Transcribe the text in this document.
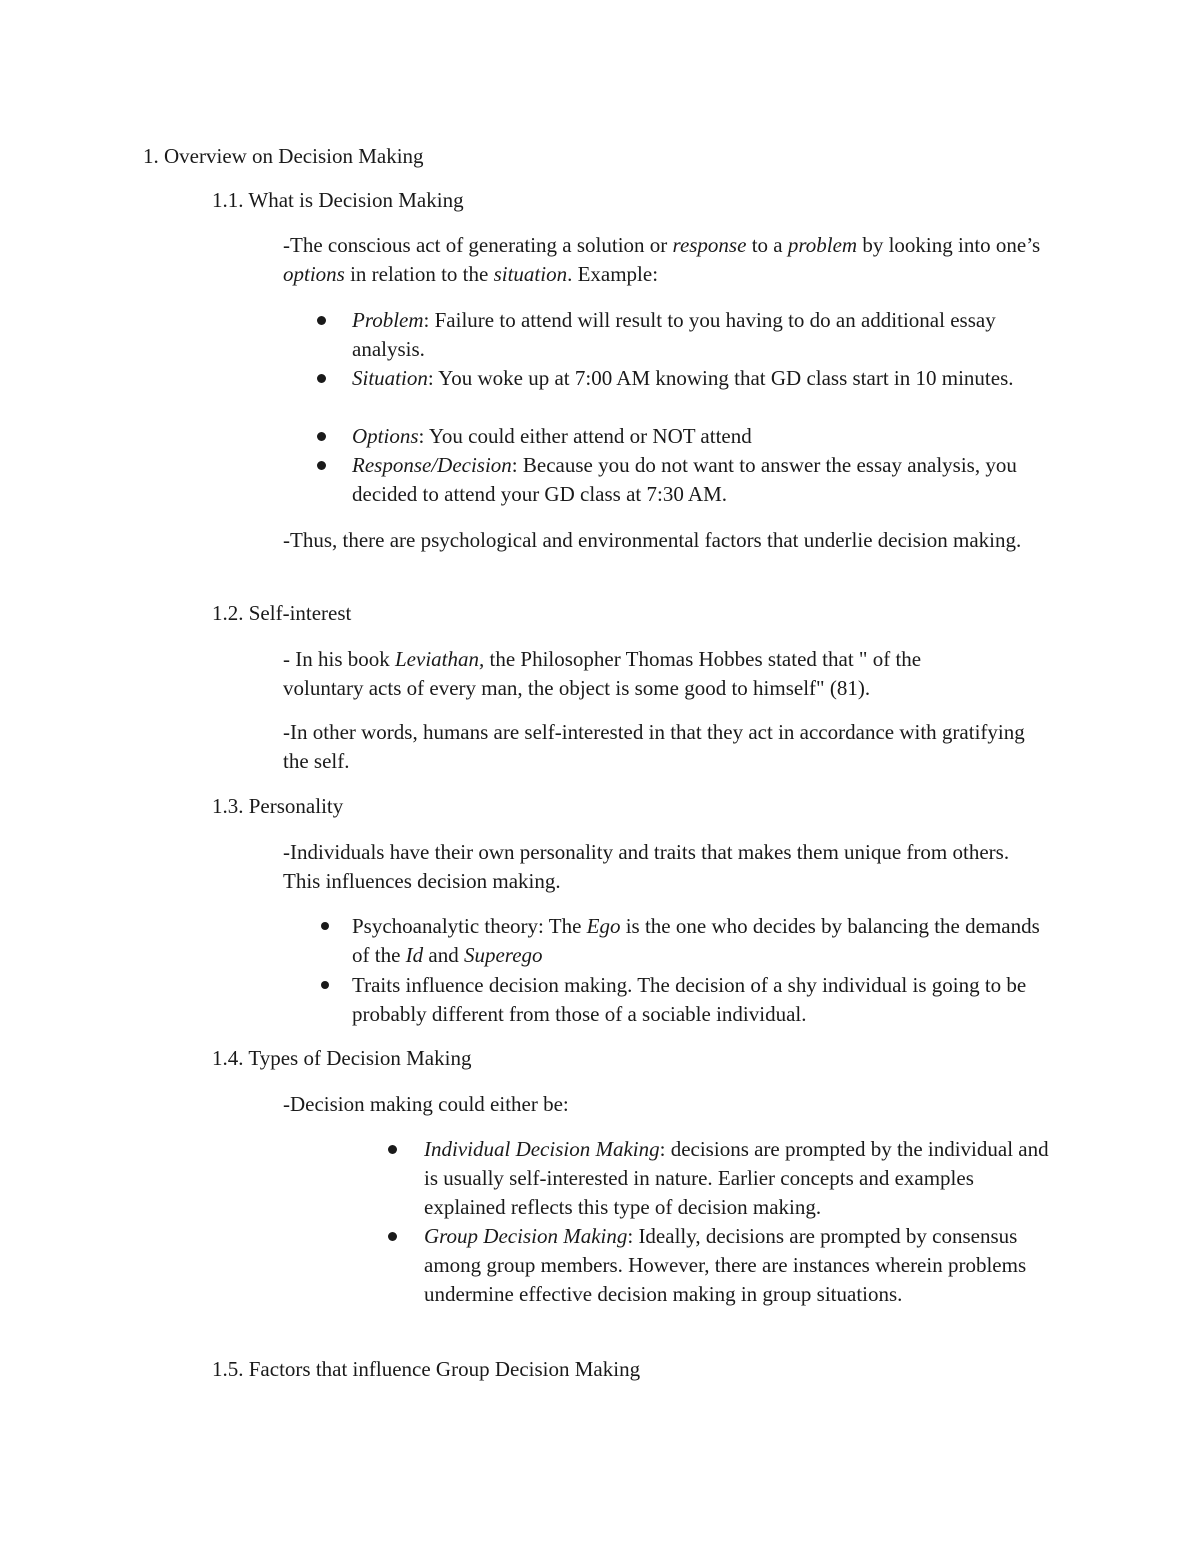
1. Overview on Decision Making
1.1. What is Decision Making

-The conscious act of generating a solution or response to a problem by looking into one’s options in relation to the situation. Example:

Problem: Failure to attend will result to you having to do an additional essay analysis.

Situation: You woke up at 7:00 AM knowing that GD class start in 10 minutes.

Options: You could either attend or NOT attend

Response/Decision: Because you do not want to answer the essay analysis, you decided to attend your GD class at 7:30 AM.

-Thus, there are psychological and environmental factors that underlie decision making.

1.2. Self-interest

- In his book Leviathan, the Philosopher Thomas Hobbes stated that " of the voluntary acts of every man, the object is some good to himself" (81).

-In other words, humans are self-interested in that they act in accordance with gratifying the self.

1.3. Personality

-Individuals have their own personality and traits that makes them unique from others. This influences decision making.

Psychoanalytic theory: The Ego is the one who decides by balancing the demands of the Id and Superego

Traits influence decision making. The decision of a shy individual is going to be probably different from those of a sociable individual.

1.4. Types of Decision Making

-Decision making could either be:

Individual Decision Making: decisions are prompted by the individual and is usually self-interested in nature. Earlier concepts and examples explained reflects this type of decision making.

Group Decision Making: Ideally, decisions are prompted by consensus among group members. However, there are instances wherein problems undermine effective decision making in group situations.

1.5. Factors that influence Group Decision Making
